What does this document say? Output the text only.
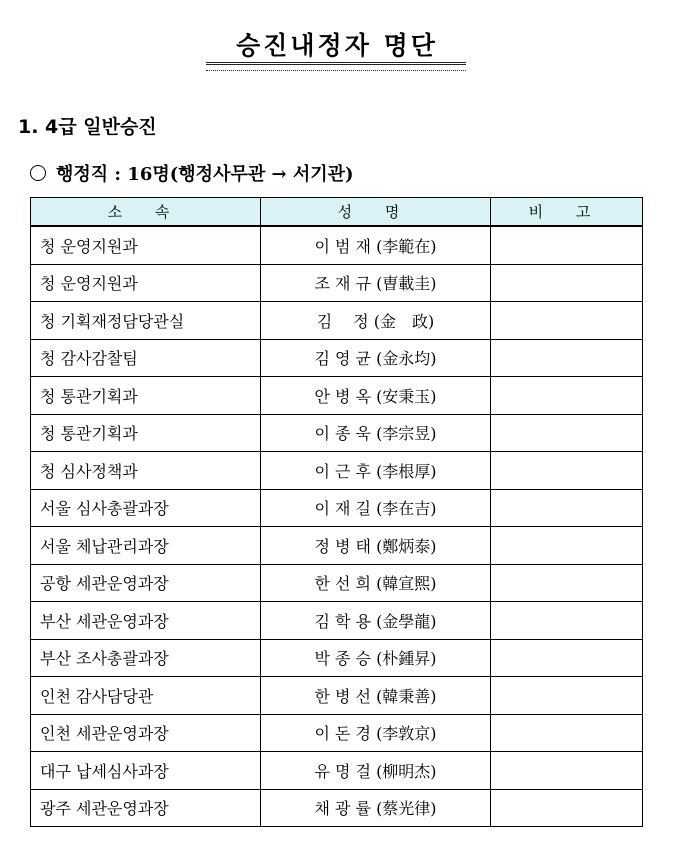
승진내정자 명단
1. 4급 일반승진
행정직 : 16명(행정사무관 → 서기관)
소 속	성 명	비 고
청 운영지원과	이 범 재 (李範在)	
청 운영지원과	조 재 규 (曺載圭)	
청 기획재정담당관실	김 　정 (金　政)	
청 감사감찰팀	김 영 균 (金永均)	
청 통관기획과	안 병 옥 (安秉玉)	
청 통관기획과	이 종 욱 (李宗昱)	
청 심사정책과	이 근 후 (李根厚)	
서울 심사총괄과장	이 재 길 (李在吉)	
서울 체납관리과장	정 병 태 (鄭炳泰)	
공항 세관운영과장	한 선 희 (韓宣熙)	
부산 세관운영과장	김 학 용 (金學龍)	
부산 조사총괄과장	박 종 승 (朴鍾昇)	
인천 감사담당관	한 병 선 (韓秉善)	
인천 세관운영과장	이 돈 경 (李敦京)	
대구 납세심사과장	유 명 걸 (柳明杰)	
광주 세관운영과장	채 광 률 (蔡光律)	
